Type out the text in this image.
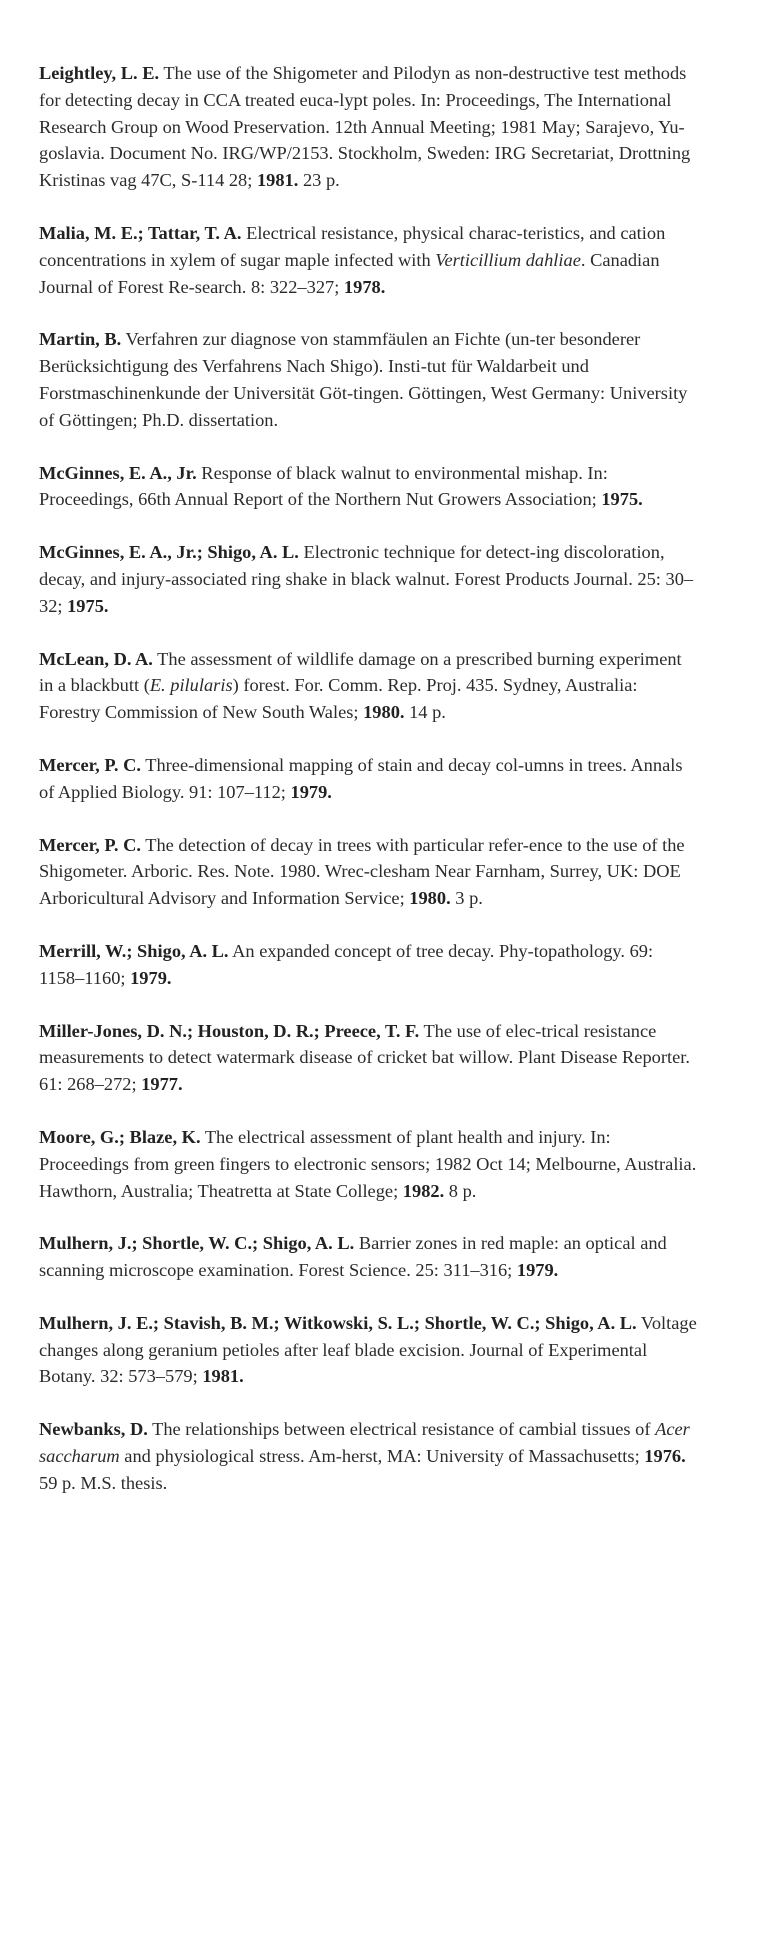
Leightley, L. E. The use of the Shigometer and Pilodyn as non-destructive test methods for detecting decay in CCA treated euca-lypt poles. In: Proceedings, The International Research Group on Wood Preservation. 12th Annual Meeting; 1981 May; Sarajevo, Yu-goslavia. Document No. IRG/WP/2153. Stockholm, Sweden: IRG Secretariat, Drottning Kristinas vag 47C, S-114 28; 1981. 23 p.
Malia, M. E.; Tattar, T. A. Electrical resistance, physical charac-teristics, and cation concentrations in xylem of sugar maple infected with Verticillium dahliae. Canadian Journal of Forest Re-search. 8: 322–327; 1978.
Martin, B. Verfahren zur diagnose von stammfäulen an Fichte (un-ter besonderer Berücksichtigung des Verfahrens Nach Shigo). Insti-tut für Waldarbeit und Forstmaschinenkunde der Universität Göt-tingen. Göttingen, West Germany: University of Göttingen; Ph.D. dissertation.
McGinnes, E. A., Jr. Response of black walnut to environmental mishap. In: Proceedings, 66th Annual Report of the Northern Nut Growers Association; 1975.
McGinnes, E. A., Jr.; Shigo, A. L. Electronic technique for detect-ing discoloration, decay, and injury-associated ring shake in black walnut. Forest Products Journal. 25: 30–32; 1975.
McLean, D. A. The assessment of wildlife damage on a prescribed burning experiment in a blackbutt (E. pilularis) forest. For. Comm. Rep. Proj. 435. Sydney, Australia: Forestry Commission of New South Wales; 1980. 14 p.
Mercer, P. C. Three-dimensional mapping of stain and decay col-umns in trees. Annals of Applied Biology. 91: 107–112; 1979.
Mercer, P. C. The detection of decay in trees with particular refer-ence to the use of the Shigometer. Arboric. Res. Note. 1980. Wrec-clesham Near Farnham, Surrey, UK: DOE Arboricultural Advisory and Information Service; 1980. 3 p.
Merrill, W.; Shigo, A. L. An expanded concept of tree decay. Phy-topathology. 69: 1158–1160; 1979.
Miller-Jones, D. N.; Houston, D. R.; Preece, T. F. The use of elec-trical resistance measurements to detect watermark disease of cricket bat willow. Plant Disease Reporter. 61: 268–272; 1977.
Moore, G.; Blaze, K. The electrical assessment of plant health and injury. In: Proceedings from green fingers to electronic sensors; 1982 Oct 14; Melbourne, Australia. Hawthorn, Australia; Theatretta at State College; 1982. 8 p.
Mulhern, J.; Shortle, W. C.; Shigo, A. L. Barrier zones in red maple: an optical and scanning microscope examination. Forest Science. 25: 311–316; 1979.
Mulhern, J. E.; Stavish, B. M.; Witkowski, S. L.; Shortle, W. C.; Shigo, A. L. Voltage changes along geranium petioles after leaf blade excision. Journal of Experimental Botany. 32: 573–579; 1981.
Newbanks, D. The relationships between electrical resistance of cambial tissues of Acer saccharum and physiological stress. Am-herst, MA: University of Massachusetts; 1976. 59 p. M.S. thesis.
